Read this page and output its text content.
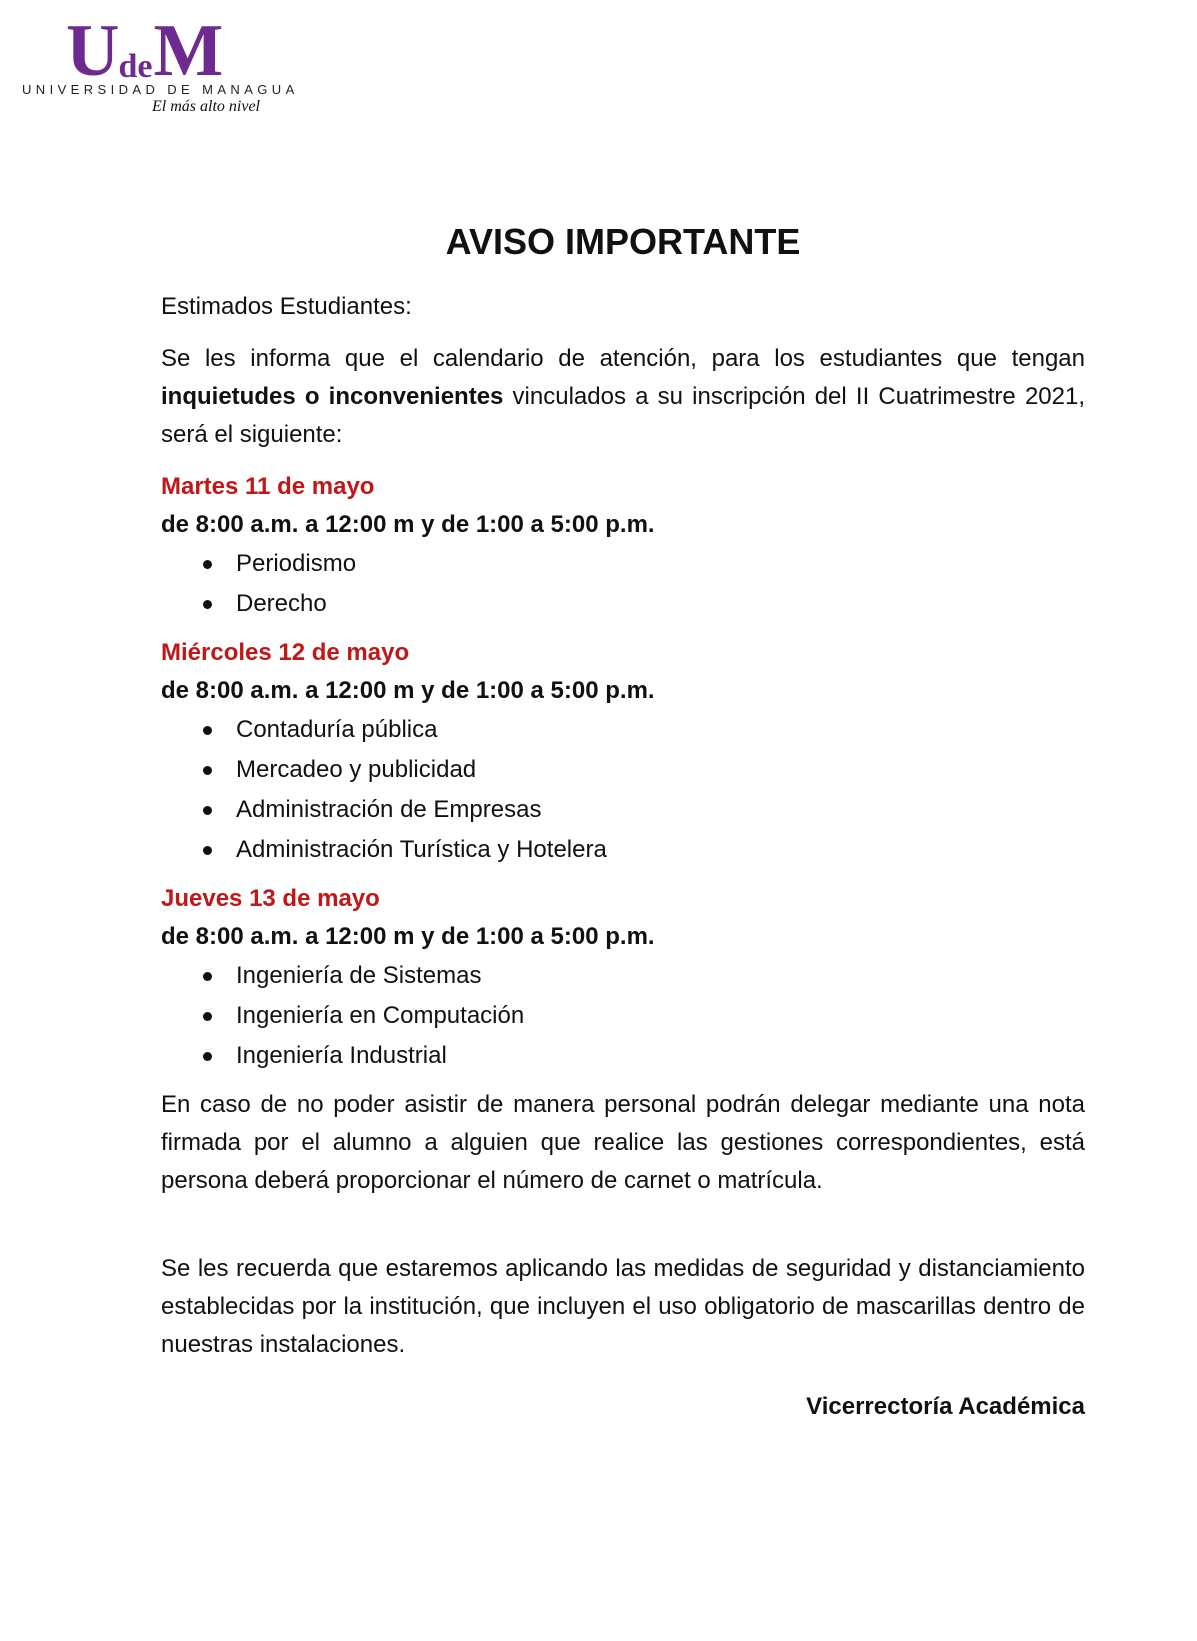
UdeM
UNIVERSIDAD DE MANAGUA
El más alto nivel
AVISO IMPORTANTE

Estimados Estudiantes:

Se les informa que el calendario de atención, para los estudiantes que tengan inquietudes o inconvenientes vinculados a su inscripción del II Cuatrimestre 2021, será el siguiente:

Martes 11 de mayo
de 8:00 a.m. a 12:00 m y de 1:00 a 5:00 p.m.
Periodismo
Derecho
Miércoles 12 de mayo
de 8:00 a.m. a 12:00 m y de 1:00 a 5:00 p.m.
Contaduría pública
Mercadeo y publicidad
Administración de Empresas
Administración Turística y Hotelera
Jueves 13 de mayo
de 8:00 a.m. a 12:00 m y de 1:00 a 5:00 p.m.
Ingeniería de Sistemas
Ingeniería en Computación
Ingeniería Industrial

En caso de no poder asistir de manera personal podrán delegar mediante una nota firmada por el alumno a alguien que realice las gestiones correspondientes, está persona deberá proporcionar el número de carnet o matrícula.

Se les recuerda que estaremos aplicando las medidas de seguridad y distanciamiento establecidas por la institución, que incluyen el uso obligatorio de mascarillas dentro de nuestras instalaciones.

Vicerrectoría Académica
